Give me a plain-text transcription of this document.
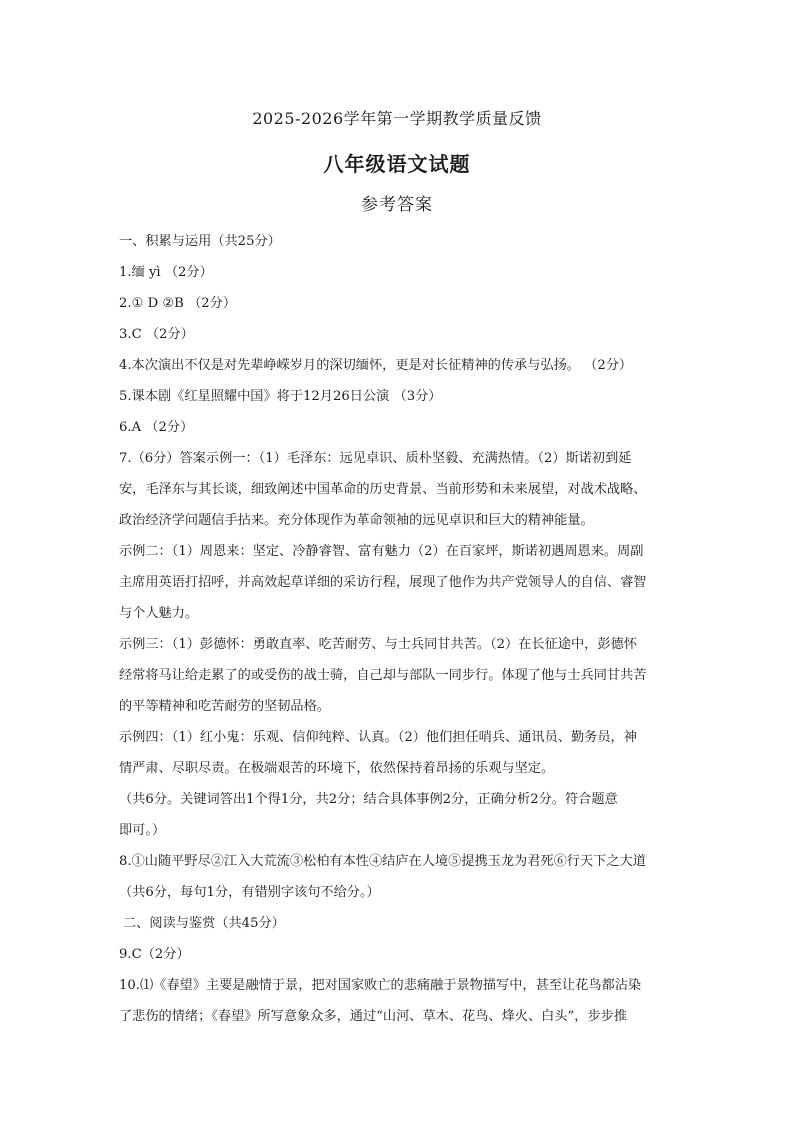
2025-2026学年第一学期教学质量反馈
八年级语文试题
参考答案

一、积累与运用（共25分）

1.缅 yì （2分）

2.① D ②B （2分）

3.C （2分）

4.本次演出不仅是对先辈峥嵘岁月的深切缅怀，更是对长征精神的传承与弘扬。 （2分）

5.课本剧《红星照耀中国》将于12月26日公演 （3分）

6.A （2分）

7.（6分）答案示例一：（1）毛泽东：远见卓识、质朴坚毅、充满热情。（2）斯诺初到延

安，毛泽东与其长谈，细致阐述中国革命的历史背景、当前形势和未来展望，对战术战略、

政治经济学问题信手拈来。充分体现作为革命领袖的远见卓识和巨大的精神能量。

示例二：（1）周恩来：坚定、冷静睿智、富有魅力（2）在百家坪，斯诺初遇周恩来。周副

主席用英语打招呼，并高效起草详细的采访行程，展现了他作为共产党领导人的自信、睿智

与个人魅力。

示例三：（1）彭德怀：勇敢直率、吃苦耐劳、与士兵同甘共苦。（2）在长征途中，彭德怀

经常将马让给走累了的或受伤的战士骑，自己却与部队一同步行。体现了他与士兵同甘共苦

的平等精神和吃苦耐劳的坚韧品格。

示例四：（1）红小鬼：乐观、信仰纯粹、认真。（2）他们担任哨兵、通讯员、勤务员，神

情严肃、尽职尽责。在极端艰苦的环境下，依然保持着昂扬的乐观与坚定。

（共6分。关键词答出1个得1分，共2分；结合具体事例2分，正确分析2分。符合题意

即可。）

8.①山随平野尽②江入大荒流③松柏有本性④结庐在人境⑤提携玉龙为君死⑥行天下之大道

（共6分，每句1分，有错别字该句不给分。）

二、阅读与鉴赏（共45分）

9.C（2分）

10.⑴《春望》主要是融情于景，把对国家败亡的悲痛融于景物描写中，甚至让花鸟都沾染

了悲伤的情绪；《春望》所写意象众多，通过“山河、草木、花鸟、烽火、白头”，步步推
